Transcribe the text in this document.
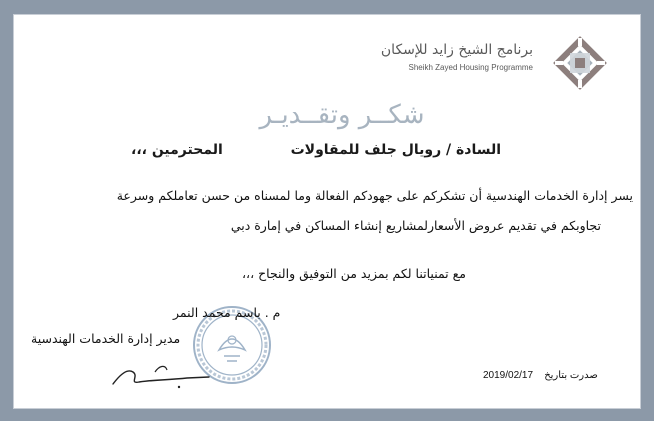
برنامج الشيخ زايد للإسكان
Sheikh Zayed Housing Programme
شكــر وتقــديـر
السادة / رويال جلف للمقاولات
المحترمين ،،،
يسر إدارة الخدمات الهندسية أن تشكركم على جهودكم الفعالة وما لمسناه من حسن تعاملكم وسرعة
تجاوبكم في تقديم عروض الأسعارلمشاريع إنشاء المساكن في إمارة دبي
مع تمنياتنا لكم بمزيد من التوفيق والنجاح ،،،
م . باسم محمد النمر
مدير إدارة الخدمات الهندسية
2019/02/17 صدرت بتاريخ
